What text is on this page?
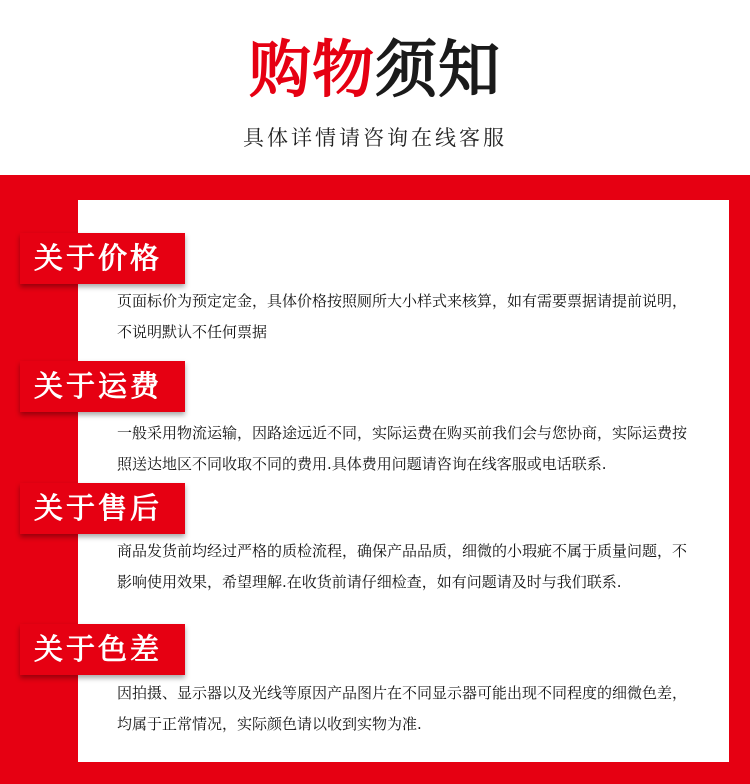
购物须知
具体详情请咨询在线客服
关于价格
页面标价为预定定金，具体价格按照厕所大小样式来核算，如有需要票据请提前说明，不说明默认不任何票据
关于运费
一般采用物流运输，因路途远近不同，实际运费在购买前我们会与您协商，实际运费按照送达地区不同收取不同的费用.具体费用问题请咨询在线客服或电话联系.
关于售后
商品发货前均经过严格的质检流程，确保产品品质，细微的小瑕疵不属于质量问题，不影响使用效果，希望理解.在收货前请仔细检查，如有问题请及时与我们联系.
关于色差
因拍摄、显示器以及光线等原因产品图片在不同显示器可能出现不同程度的细微色差，均属于正常情况，实际颜色请以收到实物为准.
